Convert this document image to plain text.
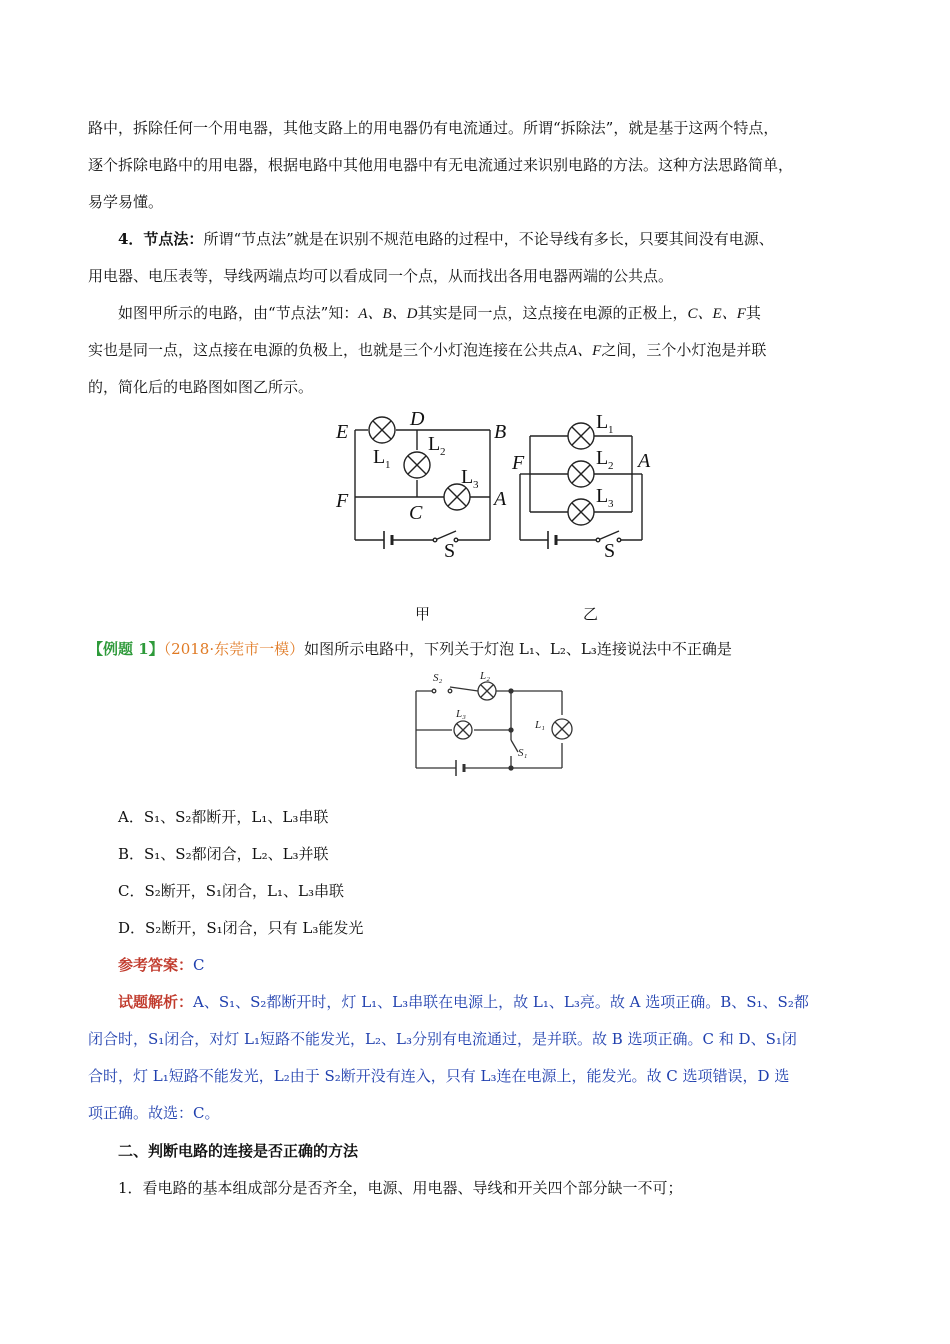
路中，拆除任何一个用电器，其他支路上的用电器仍有电流通过。所谓“拆除法”，就是基于这两个特点，
逐个拆除电路中的用电器，根据电路中其他用电器中有无电流通过来识别电路的方法。这种方法思路简单，
易学易懂。
4．节点法：所谓“节点法”就是在识别不规范电路的过程中，不论导线有多长，只要其间没有电源、
用电器、电压表等，导线两端点均可以看成同一个点，从而找出各用电器两端的公共点。
如图甲所示的电路，由“节点法”知：A、B、D其实是同一点，这点接在电源的正极上，C、E、F其
实也是同一点，这点接在电源的负极上，也就是三个小灯泡连接在公共点A、F之间，三个小灯泡是并联
的，简化后的电路图如图乙所示。
E
D
B
L 1
L 2
L 3
F
C
A
S
F	A
L 1
L 2
L 3
S
甲	乙
【例题 1】（2018·东莞市一模）如图所示电路中，下列关于灯泡 L₁、L₂、L₃连接说法中不正确是
S₂	L₂
L₃
L₁
S₁
A．S₁、S₂都断开，L₁、L₃串联
B．S₁、S₂都闭合，L₂、L₃并联
C．S₂断开，S₁闭合，L₁、L₃串联
D．S₂断开，S₁闭合，只有 L₃能发光
参考答案：C
试题解析：A、S₁、S₂都断开时，灯 L₁、L₃串联在电源上，故 L₁、L₃亮。故 A 选项正确。B、S₁、S₂都
闭合时，S₁闭合，对灯 L₁短路不能发光，L₂、L₃分别有电流通过，是并联。故 B 选项正确。C 和 D、S₁闭
合时，灯 L₁短路不能发光，L₂由于 S₂断开没有连入，只有 L₃连在电源上，能发光。故 C 选项错误，D 选
项正确。故选：C。
二、判断电路的连接是否正确的方法
1．看电路的基本组成部分是否齐全，电源、用电器、导线和开关四个部分缺一不可；
